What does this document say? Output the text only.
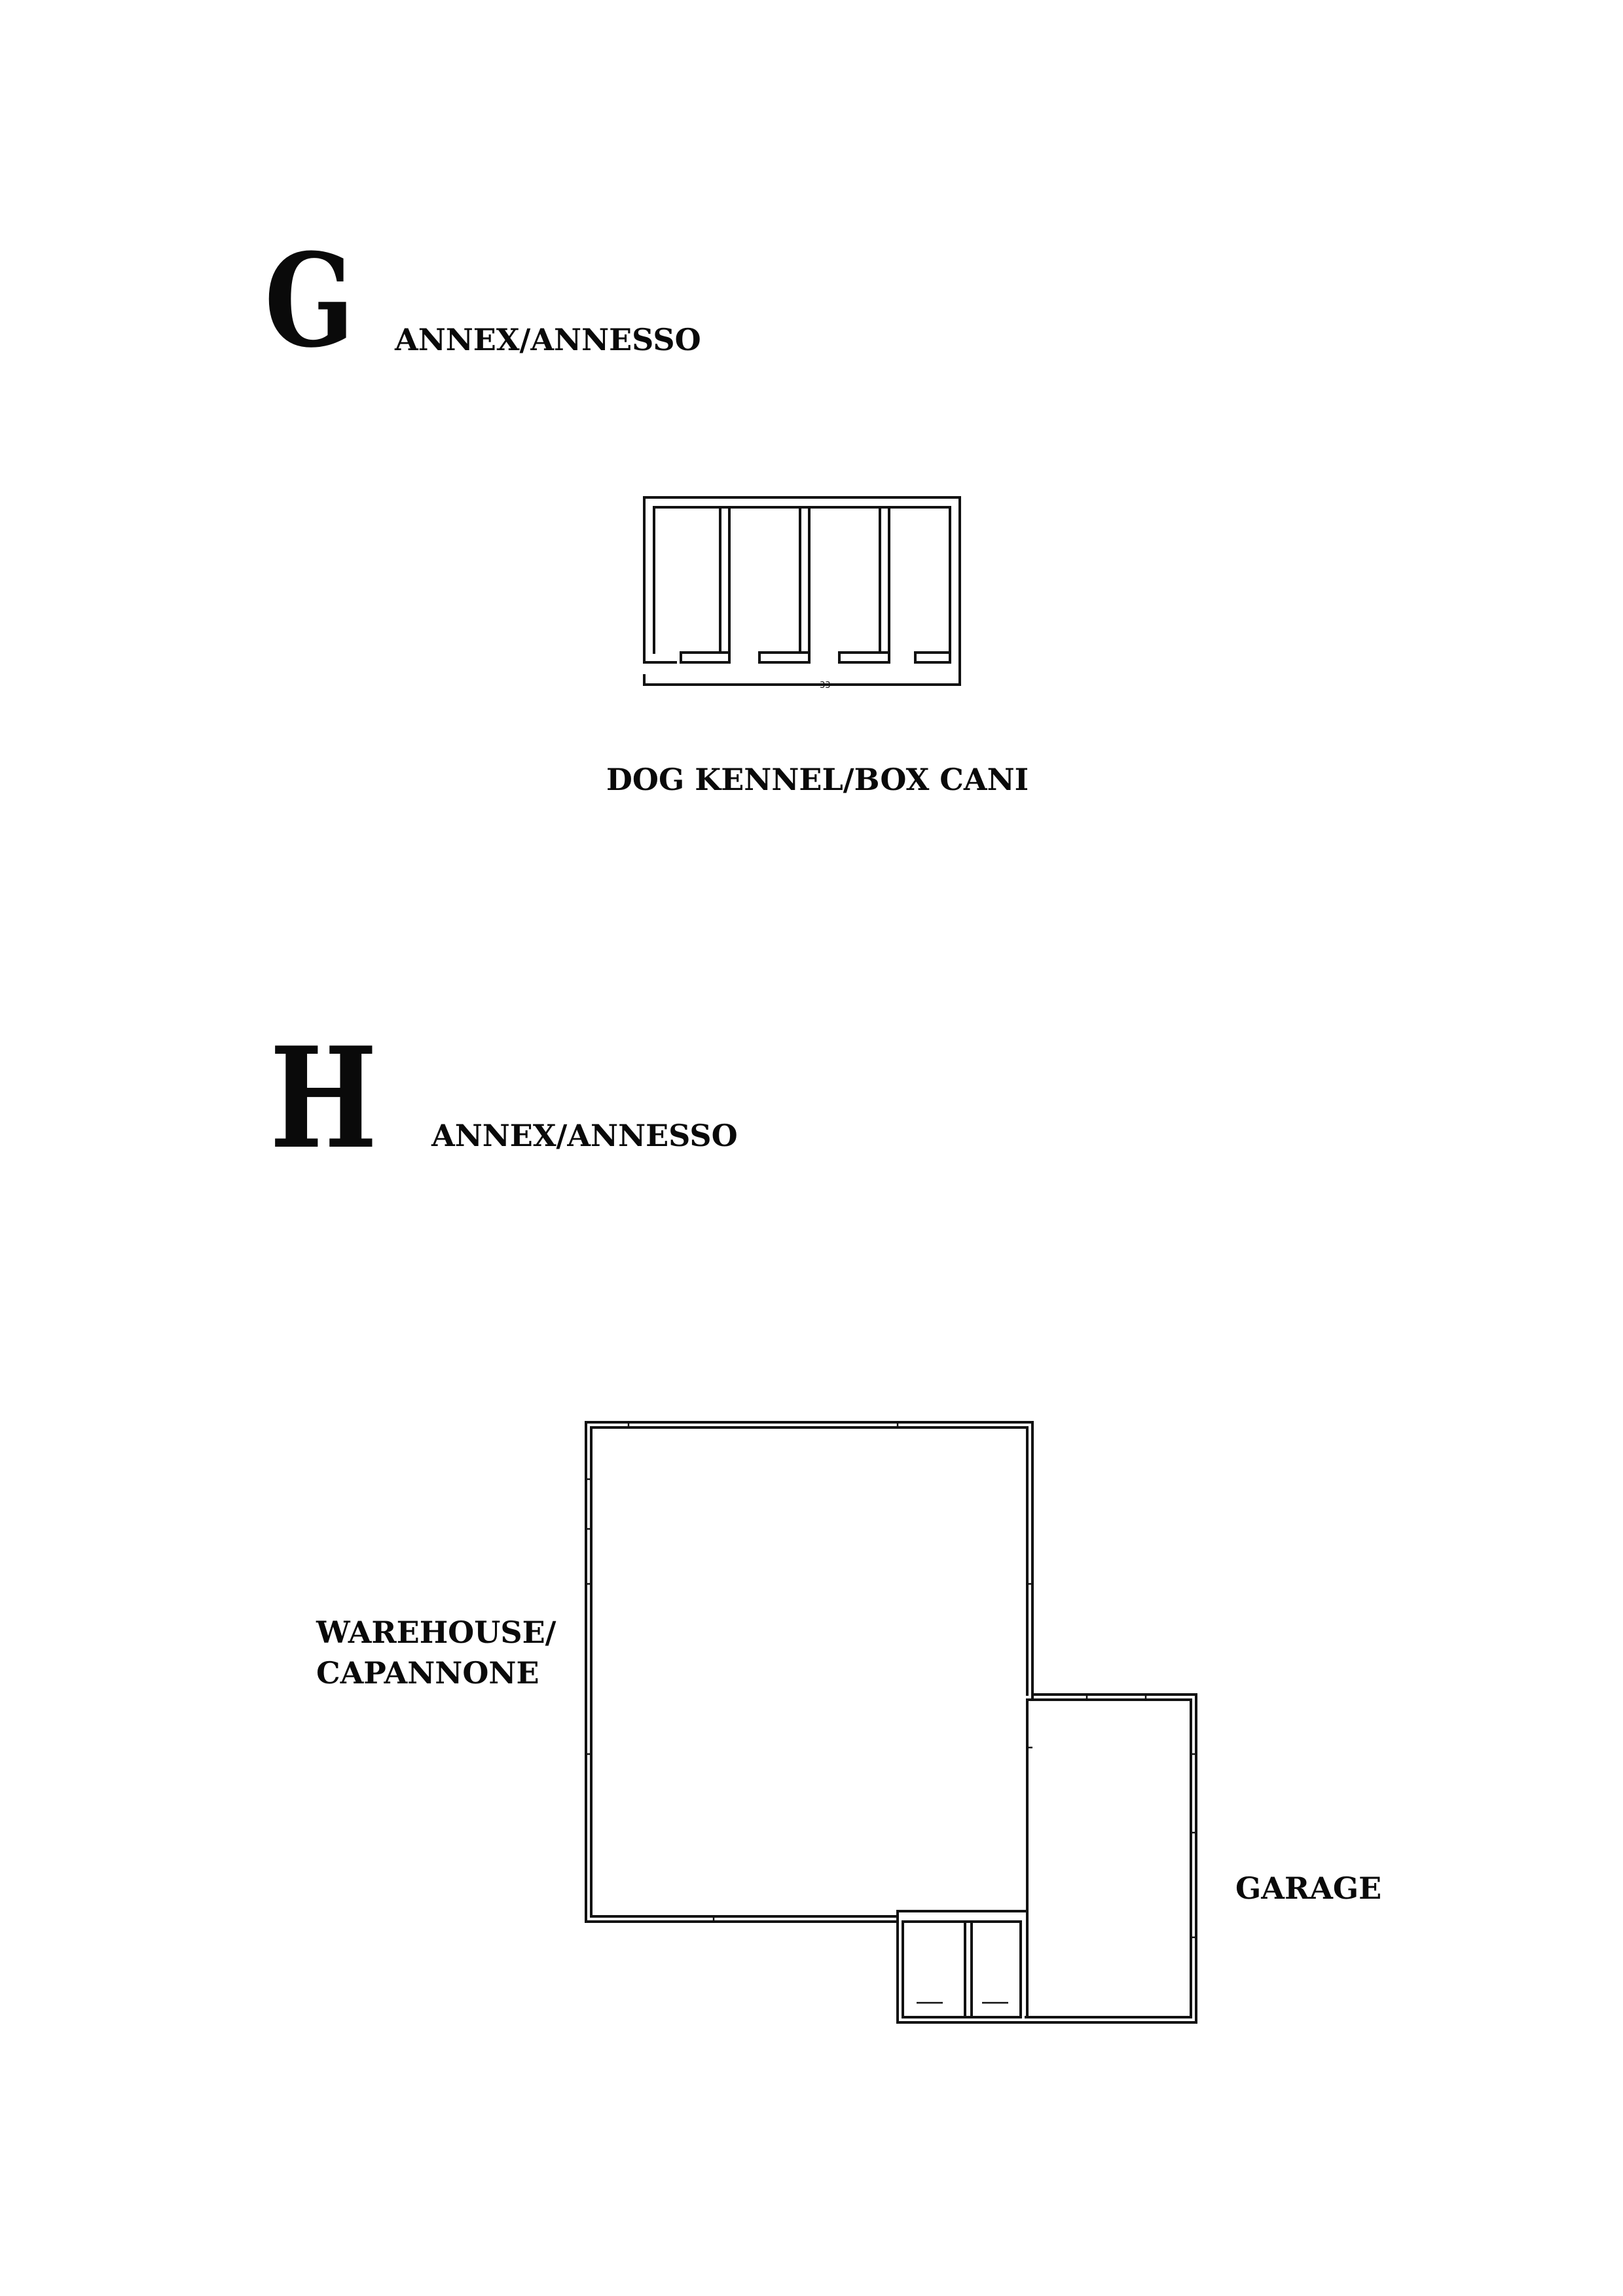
G ANNEX/ANNESSO
33
DOG KENNEL/BOX CANI
H ANNEX/ANNESSO
WAREHOUSE/
CAPANNONE
GARAGE
